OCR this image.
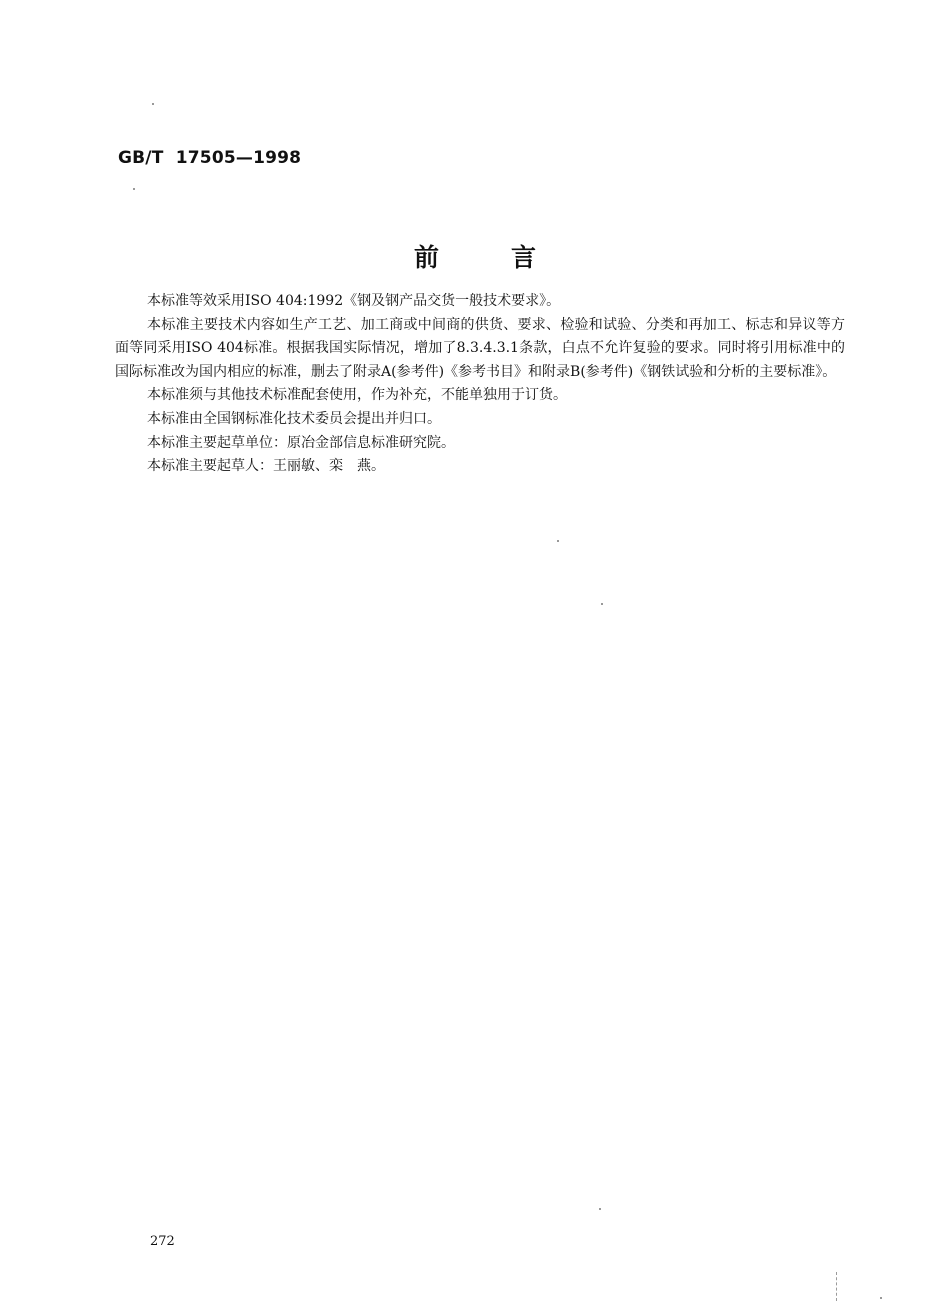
GB/T  17505—1998
前言

本标准等效采用ISO 404:1992《钢及钢产品交货一般技术要求》。

本标准主要技术内容如生产工艺、加工商或中间商的供货、要求、检验和试验、分类和再加工、标志和异议等方面等同采用ISO 404标准。根据我国实际情况，增加了8.3.4.3.1条款，白点不允许复验的要求。同时将引用标准中的国际标准改为国内相应的标准，删去了附录A(参考件)《参考书目》和附录B(参考件)《钢铁试验和分析的主要标准》。

本标准须与其他技术标准配套使用，作为补充，不能单独用于订货。

本标准由全国钢标准化技术委员会提出并归口。

本标准主要起草单位：原冶金部信息标准研究院。

本标准主要起草人：王丽敏、栾　燕。

272
